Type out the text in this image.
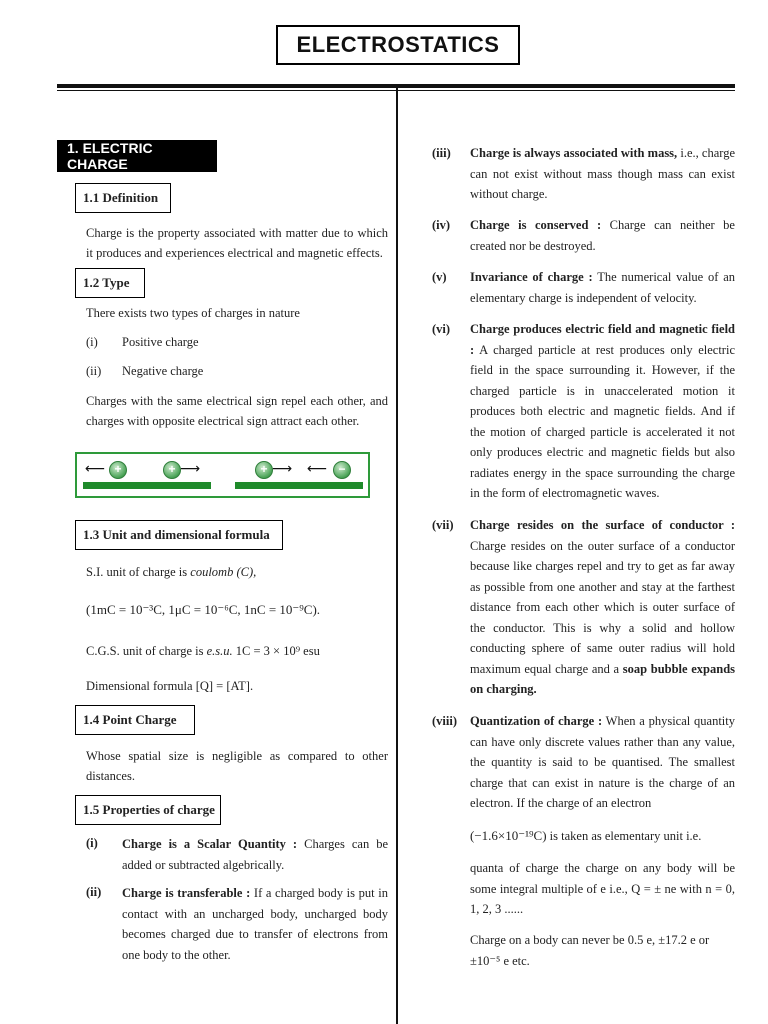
ELECTROSTATICS
1. ELECTRIC CHARGE
1.1 Definition
Charge is the property associated with matter due to which it produces and experiences electrical and magnetic effects.
1.2 Type
There exists two types of charges in nature
(i) Positive charge
(ii) Negative charge
Charges with the same electrical sign repel each other, and charges with opposite electrical sign attract each other.
⟵ +	+ ⟶	+ ⟶ ⟵ −
1.3 Unit and dimensional formula
S.I. unit of charge is coulomb (C),
(1mC = 10⁻³C, 1μC = 10⁻⁶C, 1nC = 10⁻⁹C).
C.G.S. unit of charge is e.s.u. 1C = 3 × 10⁹ esu
Dimensional formula [Q] = [AT].
1.4 Point Charge
Whose spatial size is negligible as compared to other distances.
1.5 Properties of charge
(i) Charge is a Scalar Quantity : Charges can be added or subtracted algebrically.
(ii) Charge is transferable : If a charged body is put in contact with an uncharged body, uncharged body becomes charged due to transfer of electrons from one body to the other.
(iii) Charge is always associated with mass, i.e., charge can not exist without mass though mass can exist without charge.
(iv) Charge is conserved : Charge can neither be created nor be destroyed.
(v) Invariance of charge : The numerical value of an elementary charge is independent of velocity.
(vi) Charge produces electric field and magnetic field : A charged particle at rest produces only electric field in the space surrounding it. However, if the charged particle is in unaccelerated motion it produces both electric and magnetic fields. And if the motion of charged particle is accelerated it not only produces electric and magnetic fields but also radiates energy in the space surrounding the charge in the form of electromagnetic waves.
(vii) Charge resides on the surface of conductor : Charge resides on the outer surface of a conductor because like charges repel and try to get as far away as possible from one another and stay at the farthest distance from each other which is outer surface of the conductor. This is why a solid and hollow conducting sphere of same outer radius will hold maximum equal charge and a soap bubble expands on charging.
(viii) Quantization of charge : When a physical quantity can have only discrete values rather than any value, the quantity is said to be quantised. The smallest charge that can exist in nature is the charge of an electron. If the charge of an electron
(−1.6×10⁻¹⁹C) is taken as elementary unit i.e.
quanta of charge the charge on any body will be some integral multiple of e i.e., Q = ± ne with n = 0, 1, 2, 3 ......
Charge on a body can never be 0.5 e, ±17.2 e or ±10⁻⁵ e etc.
